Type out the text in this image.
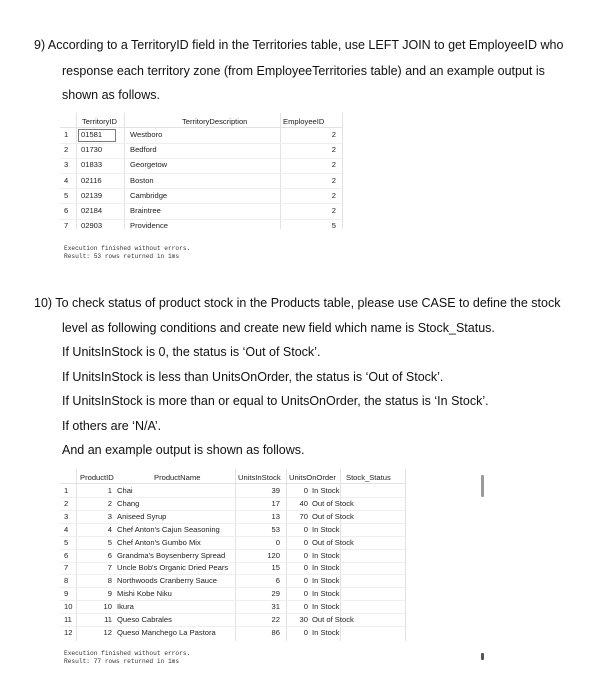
9) According to a TerritoryID field in the Territories table, use LEFT JOIN to get EmployeeID who
response each territory zone (from EmployeeTerritories table) and an example output is
shown as follows.
TerritoryID	TerritoryDescription	EmployeeID
1 01581	Westboro	2
2 01730	Bedford	2
3 01833	Georgetow	2
4 02116	Boston	2
5 02139	Cambridge	2
6 02184	Braintree	2
7 02903	Providence	5
Execution finished without errors.
Result: 53 rows returned in 1ms
10) To check status of product stock in the Products table, please use CASE to define the stock
level as following conditions and create new field which name is Stock_Status.
If UnitsInStock is 0, the status is ‘Out of Stock’.
If UnitsInStock is less than UnitsOnOrder, the status is ‘Out of Stock’.
If UnitsInStock is more than or equal to UnitsOnOrder, the status is ‘In Stock’.
If others are ‘N/A’.
And an example output is shown as follows.
ProductID	ProductName	UnitsInStock UnitsOnOrder Stock_Status
1	1 Chai	39	0 In Stock
2	2 Chang	17	40 Out of Stock
3	3 Aniseed Syrup	13	70 Out of Stock
4	4 Chef Anton's Cajun Seasoning	53	0 In Stock
5	5 Chef Anton's Gumbo Mix	0	0 Out of Stock
6	6 Grandma's Boysenberry Spread	120	0 In Stock
7	7 Uncle Bob's Organic Dried Pears	15	0 In Stock
8	8 Northwoods Cranberry Sauce	6	0 In Stock
9	9 Mishi Kobe Niku	29	0 In Stock
10	10 Ikura	31	0 In Stock
11	11 Queso Cabrales	22	30 Out of Stock
12	12 Queso Manchego La Pastora	86	0 In Stock
Execution finished without errors.
Result: 77 rows returned in 1ms
